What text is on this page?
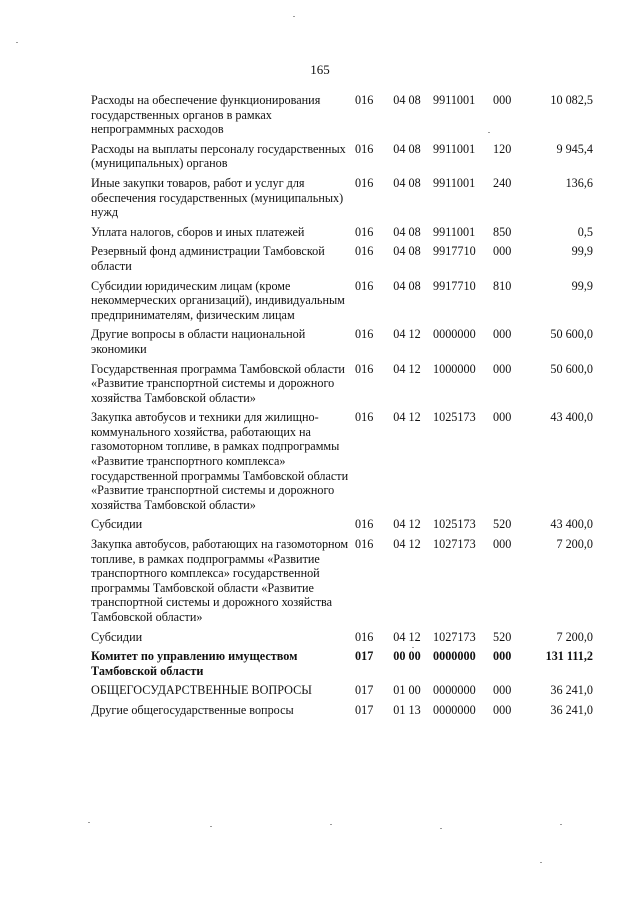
165
Расходы на обеспечение функционирования государственных органов в рамках непрограммных расходов	016	04 08	9911001	000	10 082,5
Расходы на выплаты персоналу государственных (муниципальных) органов	016	04 08	9911001	120	9 945,4
Иные закупки товаров, работ и услуг для обеспечения государственных (муниципальных) нужд	016	04 08	9911001	240	136,6
Уплата налогов, сборов и иных платежей	016	04 08	9911001	850	0,5
Резервный фонд администрации Тамбовской области	016	04 08	9917710	000	99,9
Субсидии юридическим лицам (кроме некоммерческих организаций), индивидуальным предпринимателям, физическим лицам	016	04 08	9917710	810	99,9
Другие вопросы в области национальной экономики	016	04 12	0000000	000	50 600,0
Государственная программа Тамбовской области «Развитие транспортной системы и дорожного хозяйства Тамбовской области»	016	04 12	1000000	000	50 600,0
Закупка автобусов и техники для жилищно-коммунального хозяйства, работающих на газомоторном топливе, в рамках подпрограммы «Развитие транспортного комплекса» государственной программы Тамбовской области «Развитие транспортной системы и дорожного хозяйства Тамбовской области»	016	04 12	1025173	000	43 400,0
Субсидии	016	04 12	1025173	520	43 400,0
Закупка автобусов, работающих на газомоторном топливе, в рамках подпрограммы «Развитие транспортного комплекса» государственной программы Тамбовской области «Развитие транспортной системы и дорожного хозяйства Тамбовской области»	016	04 12	1027173	000	7 200,0
Субсидии	016	04 12	1027173	520	7 200,0
Комитет по управлению имуществом Тамбовской области	017	00 00	0000000	000	131 111,2
ОБЩЕГОСУДАРСТВЕННЫЕ ВОПРОСЫ	017	01 00	0000000	000	36 241,0
Другие общегосударственные вопросы	017	01 13	0000000	000	36 241,0
